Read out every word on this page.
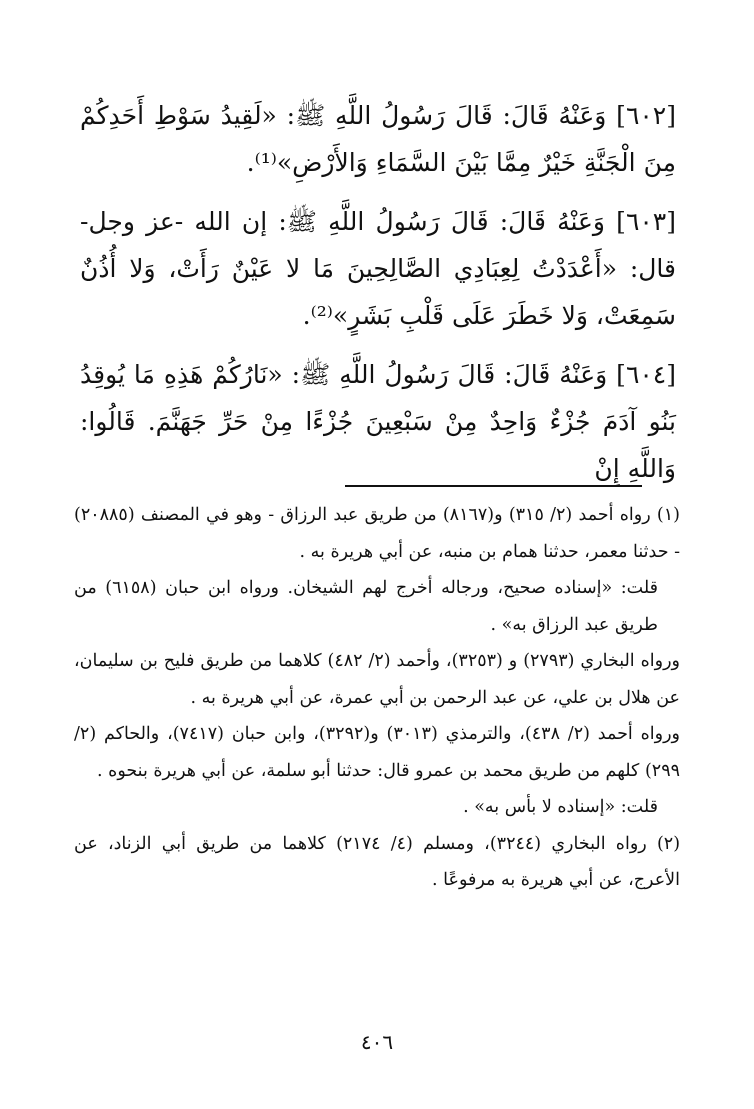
[٦٠٢] وَعَنْهُ قَالَ: قَالَ رَسُولُ اللَّهِ ﷺ: «لَقِيدُ سَوْطِ أَحَدِكُمْ مِنَ الْجَنَّةِ خَيْرٌ مِمَّا بَيْنَ السَّمَاءِ وَالأَرْضِ»⁽¹⁾.

[٦٠٣] وَعَنْهُ قَالَ: قَالَ رَسُولُ اللَّهِ ﷺ: إن الله -عز وجل- قال: «أَعْدَدْتُ لِعِبَادِي الصَّالِحِينَ مَا لا عَيْنٌ رَأَتْ، وَلا أُذُنٌ سَمِعَتْ، وَلا خَطَرَ عَلَى قَلْبِ بَشَرٍ»⁽²⁾.

[٦٠٤] وَعَنْهُ قَالَ: قَالَ رَسُولُ اللَّهِ ﷺ: «نَارُكُمْ هَذِهِ مَا يُوقِدُ بَنُو آدَمَ جُزْءٌ وَاحِدٌ مِنْ سَبْعِينَ جُزْءًا مِنْ حَرِّ جَهَنَّمَ. قَالُوا: وَاللَّهِ إِنْ

(١) رواه أحمد (٢/ ٣١٥) و(٨١٦٧) من طريق عبد الرزاق - وهو في المصنف (٢٠٨٨٥) - حدثنا معمر، حدثنا همام بن منبه، عن أبي هريرة به .

قلت: «إسناده صحيح، ورجاله أخرج لهم الشيخان. ورواه ابن حبان (٦١٥٨) من طريق عبد الرزاق به» .

ورواه البخاري (٢٧٩٣) و (٣٢٥٣)، وأحمد (٢/ ٤٨٢) كلاهما من طريق فليح بن سليمان، عن هلال بن علي، عن عبد الرحمن بن أبي عمرة، عن أبي هريرة به .

ورواه أحمد (٢/ ٤٣٨)، والترمذي (٣٠١٣) و(٣٢٩٢)، وابن حبان (٧٤١٧)، والحاكم (٢/ ٢٩٩) كلهم من طريق محمد بن عمرو قال: حدثنا أبو سلمة، عن أبي هريرة بنحوه .

قلت: «إسناده لا بأس به» .

(٢) رواه البخاري (٣٢٤٤)، ومسلم (٤/ ٢١٧٤) كلاهما من طريق أبي الزناد، عن الأعرج، عن أبي هريرة به مرفوعًا .

٤٠٦
